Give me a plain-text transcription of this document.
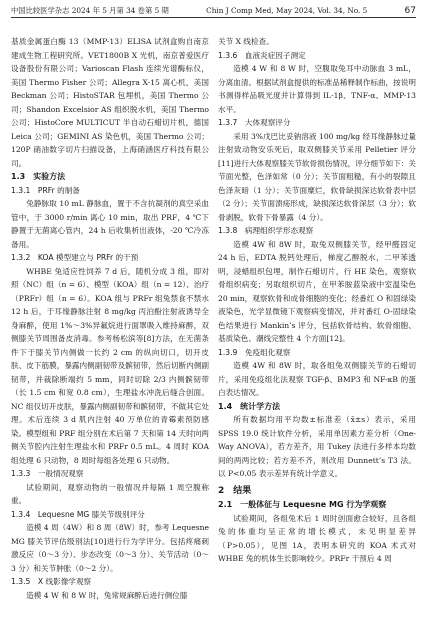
中国比较医学杂志 2024 年 5 月第 34 卷第 5 期	Chin J Comp Med, May 2024, Vol. 34, No. 5	67

基质金属蛋白酶 13（MMP-13）ELISA 试剂盒购自南京建成生物工程研究所。VET1800B X 光机，南京普爱医疗设备股份有限公司；Varioscan Flash 连续光谱酶标仪，美国 Thermo Fisher 公司；Allegra X-15 离心机，美国 Beckman 公司；HistoSTAR 包埋机，美国 Thermo 公司；Shandon Excelsior AS 组织脱水机，美国 Thermo 公司；HistoCore MULTICUT 半自动石蜡切片机，德国 Leica 公司；GEMINI AS 染色机，美国 Thermo 公司；120P 硝油数字切片扫描设备，上海硝涵医疗科技有限公司。

1.3　实验方法

1.3.1　PRFr 的制备

兔静脉取 10 mL 静脉血，置于不含抗凝剂的真空采血管中，于 3000 r/min 离心 10 min，取出 PRF，4 ℃下静置于无菌离心管内，24 h 后收集析出液体，-20 ℃冷冻备用。

1.3.2　KOA 模型建立与 PRFr 的干预

WHBE 兔适应性饲养 7 d 后，随机分成 3 组，即对照（NC）组（n = 6）、模型（KOA）组（n = 12）、治疗（PRFr）组（n = 6）。KOA 组与 PRFr 组兔禁食不禁水 12 h 后，于耳缘静脉注射 8 mg/kg 丙泊酚注射液诱导全身麻醉，使用 1%～3%异氟烷进行面罩吸入维持麻醉，双侧膝关节周围备皮消毒。参考杨松滨等[8]方法，在无菌条件下于膝关节内侧做一长约 2 cm 的纵向切口，切开皮肤、皮下筋膜，暴露内侧副韧带及髌韧带，然后切断内侧副韧带，并裁除断端约 5 mm，同时切除 2/3 内侧髌韧带（长 1.5 cm 和宽 0.8 cm），生理盐水冲洗后缝合创面。NC 组仅切开皮肤，暴露内侧副韧带和髌韧带，不做其它处理。术后连续 3 d 肌内注射 40 万单位的青霉素预防感染。模型组和 PRF 组分别在术后第 7 天和第 14 天时向两侧关节腔内注射生理盐水和 PRFr 0.5 mL。4 周时 KOA 组处理 6 只动物，8 周时每组各处理 6 只动物。

1.3.3　一般情况观察

试验期间，观察动物的一般情况并每隔 1 周空腹称重。

1.3.4　Lequesne MG 膝关节级别评分

造模 4 周（4W）和 8 周（8W）时，参考 Lequesne MG 膝关节评估级别法[10]进行行为学评分。包括疼痛刺激反应（0～3 分）、步态改变（0～3 分）、关节活动（0～3 分）和关节肿胀（0～2 分）。

1.3.5　X 线影像学观察

造模 4 W 和 8 W 时，兔常规麻醉后进行侧位膝

关节 X 线检查。

1.3.6　血液炎症因子测定

造模 4 W 和 8 W 时，空腹取兔耳中动脉血 3 mL，分离血清。根据试剂盒提供的标准品稀释制作标曲，按说明书测得样品吸光度并计算得到 IL-1β、TNF-α、MMP-13 水平。

1.3.7　大体观察评分

采用 3%戊巴比妥钠溶液 100 mg/kg 经耳缘静脉过量注射致动物安乐死后，取双侧膝关节采用 Pelletier 评分[11]进行大体观察膝关节软骨损伤情况，评分细节如下：关节面光整，色泽如常（0 分）；关节面粗糙，有小的裂隙且色泽灰暗（1 分）；关节面糜烂，软骨缺损深达软骨表中层（2 分）；关节面溃疡形成，缺损深达软骨深层（3 分）；软骨剥脱，软骨下骨暴露（4 分）。

1.3.8　病理组织学形态观察

造模 4W 和 8W 时，取兔双侧膝关节，经甲醛固定 24 h 后，EDTA 脱钙处理后，梯度乙醇脱水，二甲苯透明，浸蜡组织包埋，制作石蜡切片，行 HE 染色，观察软骨组织病变；另取组织切片，在甲苯胺蓝染液中室温染色 20 min，观察软骨和成骨细胞的变化；经番红 O 和固绿染液染色，光学显微镜下观察病变情况，并对番红 O-固绿染色结果进行 Mankin’s 评分，包括软骨结构、软骨细胞、基质染色、潮线完整性 4 个方面[12]。

1.3.9　免疫组化观察

造模 4W 和 8W 时，取各组兔双侧膝关节的石蜡切片，采用免疫组化法观察 TGF-β、BMP3 和 NF-κB 的蛋白表达情况。

1.4　统计学方法

所有数据均用平均数±标准差（x̄±s）表示，采用 SPSS 19.0 统计软件分析，采用单因素方差分析（One-Way ANOVA），若方差齐，用 Tukey 法进行多样本均数间的两两比较；若方差不齐，则改用 Dunnett’s T3 法。以 P<0.05 表示差异有统计学意义。

2　结果

2.1　一般体征与 Lequesne MG 行为学观察

试验期间，各组兔术后 1 周时创面愈合较好，且各组兔的体重均呈正常的增长模式，未见明显差异（P>0.05），见图 1A，表明本研究的 KOA 术式对 WHBE 兔的机体生长影响较少。PRFr 干预后 4 周
